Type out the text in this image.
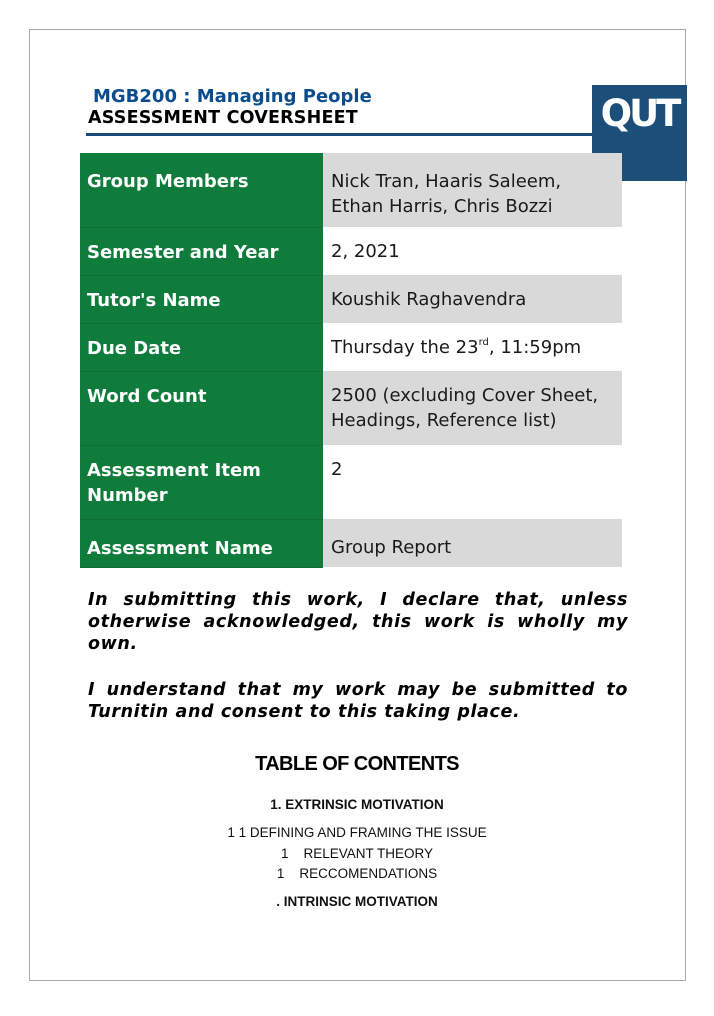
MGB200 : Managing People
ASSESSMENT COVERSHEET	QUT
Group Members	Nick Tran, Haaris Saleem,
Ethan Harris, Chris Bozzi
Semester and Year	2, 2021
Tutor's Name	Koushik Raghavendra
Due Date	Thursday the 23rd, 11:59pm
Word Count	2500 (excluding Cover Sheet,
Headings, Reference list)
Assessment Item
Number	2
Assessment Name	Group Report

In submitting this work, I declare that, unless otherwise acknowledged, this work is wholly my own.

I understand that my work may be submitted to Turnitin and consent to this taking place.

TABLE OF CONTENTS
1. EXTRINSIC MOTIVATION
1 1 DEFINING AND FRAMING THE ISSUE
1    RELEVANT THEORY
1    RECCOMENDATIONS
. INTRINSIC MOTIVATION
